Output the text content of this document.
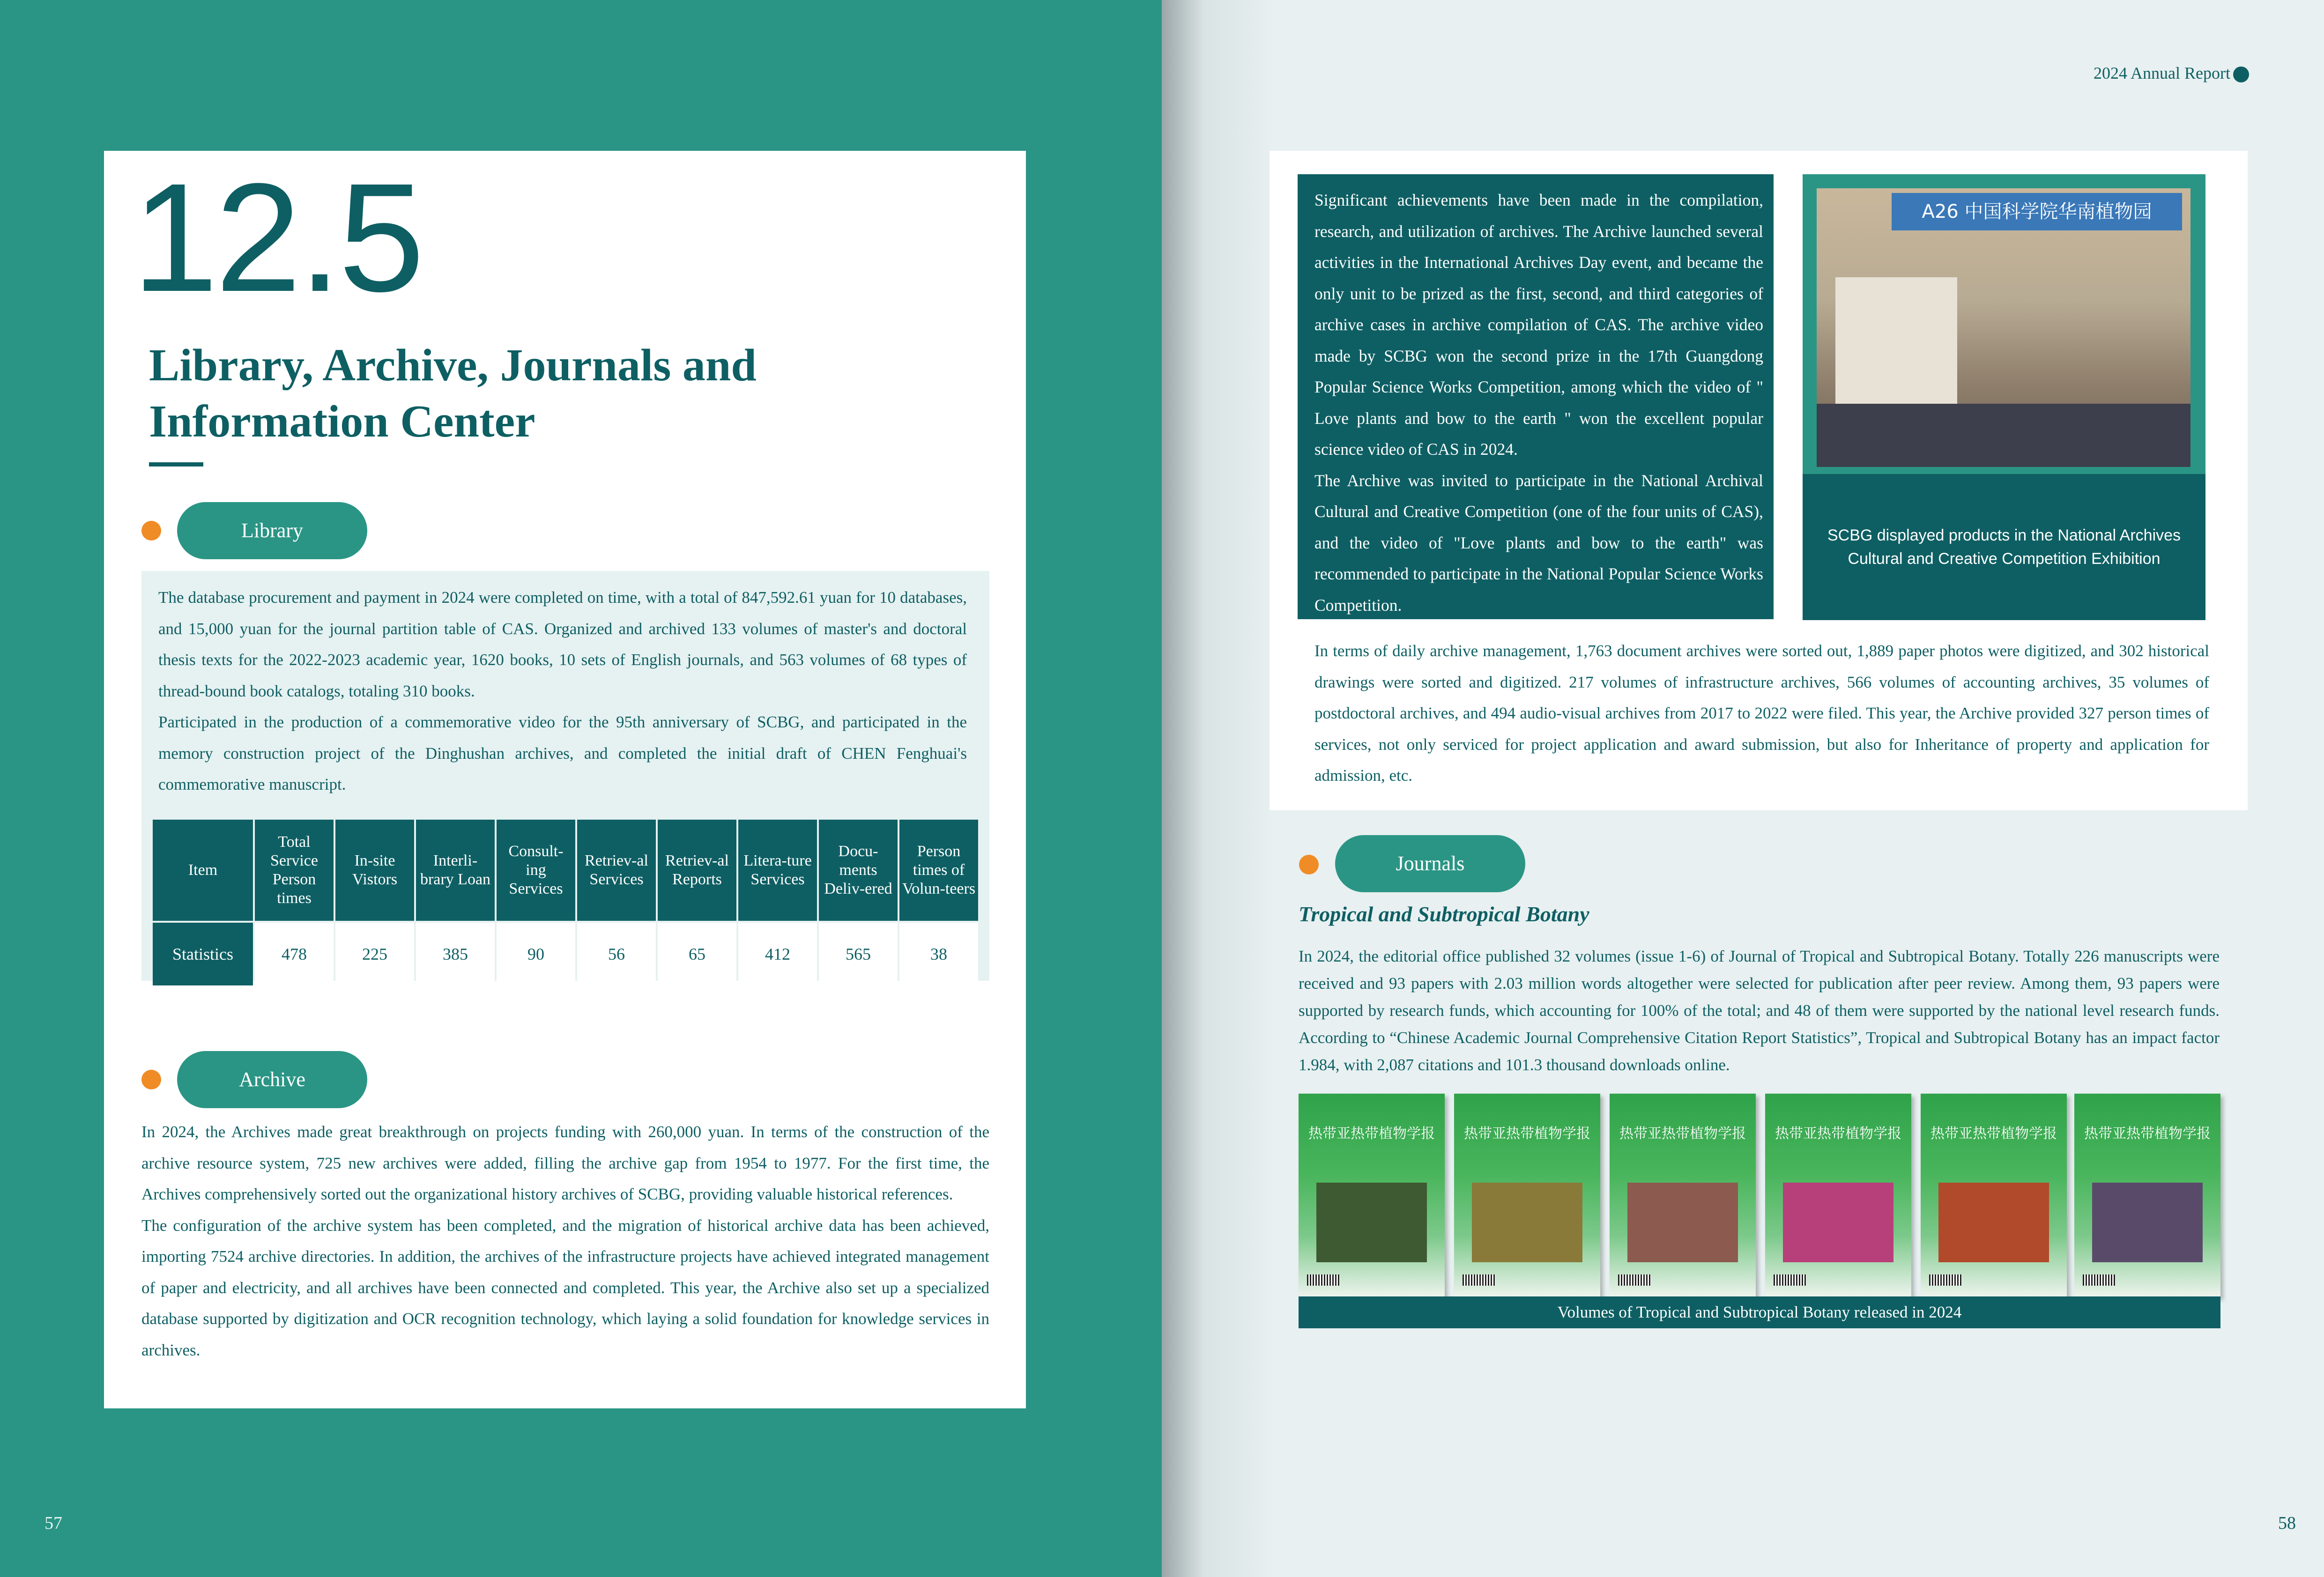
12.5
Library, Archive, Journals and Information Center
Library

The database procurement and payment in 2024 were completed on time, with a total of 847,592.61 yuan for 10 databases, and 15,000 yuan for the journal partition table of CAS. Organized and archived 133 volumes of master's and doctoral thesis texts for the 2022-2023 academic year, 1620 books, 10 sets of English journals, and 563 volumes of 68 types of thread-bound book catalogs, totaling 310 books.

Participated in the production of a commemorative video for the 95th anniversary of SCBG, and participated in the memory construction project of the Dinghushan archives, and completed the initial draft of CHEN Fenghuai's commemorative manuscript.

Archive

In 2024, the Archives made great breakthrough on projects funding with 260,000 yuan. In terms of the construction of the archive resource system, 725 new archives were added, filling the archive gap from 1954 to 1977. For the first time, the Archives comprehensively sorted out the organizational history archives of SCBG, providing valuable historical references.

The configuration of the archive system has been completed, and the migration of historical archive data has been achieved, importing 7524 archive directories. In addition, the archives of the infrastructure projects have achieved integrated management of paper and electricity, and all archives have been connected and completed. This year, the Archive also set up a specialized database supported by digitization and OCR recognition technology, which laying a solid foundation for knowledge services in archives.

Item	Total Service Person times	In-site Vistors	Interli-brary Loan	Consult-ing Services	Retriev-al Services	Retriev-al Reports	Litera-ture Services	Docu-ments Deliv-ered	Person times of Volun-teers
Statistics	478	225	385	90	56	65	412	565	38
57	58
2024 Annual Report

Significant achievements have been made in the compilation, research, and utilization of archives. The Archive launched several activities in the International Archives Day event, and became the only unit to be prized as the first, second, and third categories of archive cases in archive compilation of CAS. The archive video made by SCBG won the second prize in the 17th Guangdong Popular Science Works Competition, among which the video of " Love plants and bow to the earth " won the excellent popular science video of CAS in 2024.

The Archive was invited to participate in the National Archival Cultural and Creative Competition (one of the four units of CAS), and the video of "Love plants and bow to the earth" was recommended to participate in the National Popular Science Works Competition.

A26 中国科学院华南植物园
SCBG displayed products in the National Archives Cultural and Creative Competition Exhibition

In terms of daily archive management, 1,763 document archives were sorted out, 1,889 paper photos were digitized, and 302 historical drawings were sorted and digitized. 217 volumes of infrastructure archives, 566 volumes of accounting archives, 35 volumes of postdoctoral archives, and 494 audio-visual archives from 2017 to 2022 were filed. This year, the Archive provided 327 person times of services, not only serviced for project application and award submission, but also for Inheritance of property and application for admission, etc.

Journals
Tropical and Subtropical Botany

In 2024, the editorial office published 32 volumes (issue 1-6) of Journal of Tropical and Subtropical Botany. Totally 226 manuscripts were received and 93 papers with 2.03 million words altogether were selected for publication after peer review. Among them, 93 papers were supported by research funds, which accounting for 100% of the total; and 48 of them were supported by the national level research funds. According to “Chinese Academic Journal Comprehensive Citation Report Statistics”, Tropical and Subtropical Botany has an impact factor 1.984, with 2,087 citations and 101.3 thousand downloads online.

热带亚热带植物学报 热带亚热带植物学报 热带亚热带植物学报 热带亚热带植物学报 热带亚热带植物学报 热带亚热带植物学报
Volumes of Tropical and Subtropical Botany released in 2024
